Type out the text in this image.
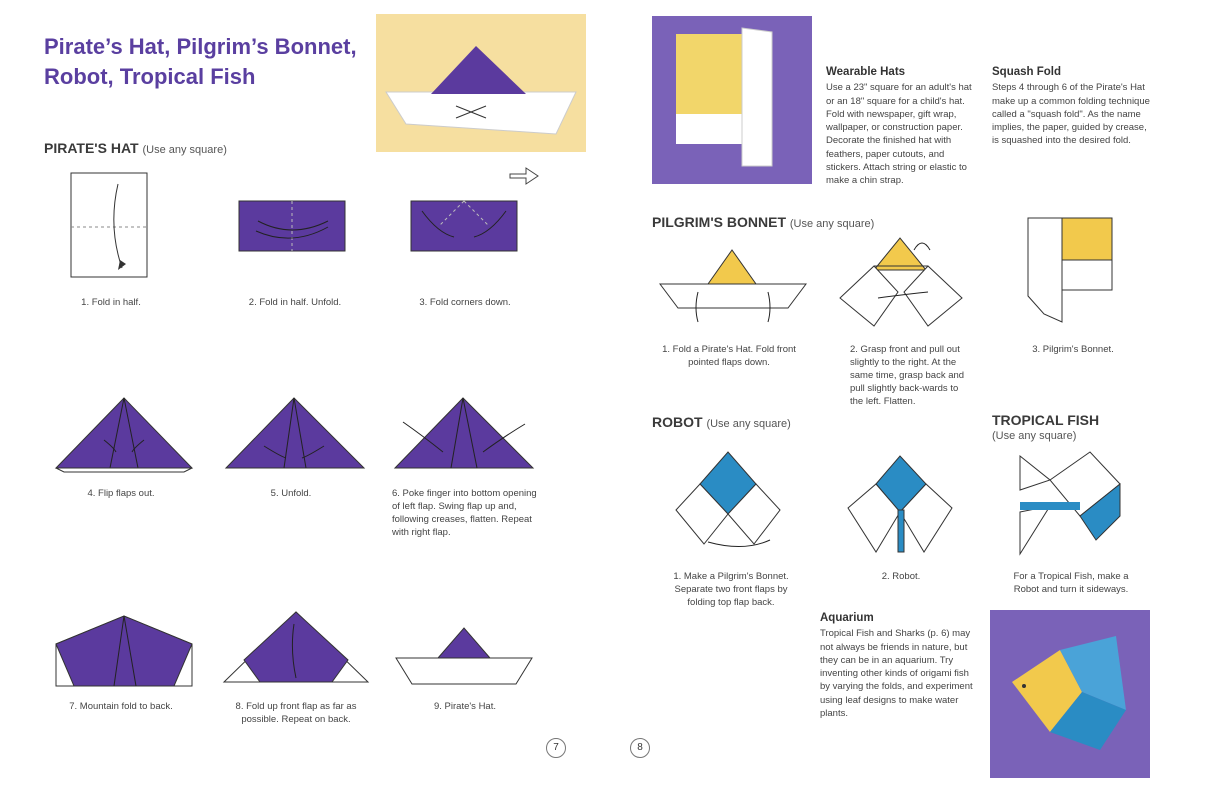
Pirate’s Hat, Pilgrim’s Bonnet,
Robot, Tropical Fish
PIRATE'S HAT (Use any square)
1. Fold in half.	2. Fold in half. Unfold.	3. Fold corners down.
4. Flip flaps out.	5. Unfold.	6. Poke finger into bottom opening of left flap. Swing flap up and, following creases, flatten. Repeat with right flap.
7. Mountain fold to back.	8. Fold up front flap as far as possible. Repeat on back.
9. Pirate's Hat.
7	8
Wearable Hats
Use a 23" square for an adult's hat or an 18" square for a child's hat. Fold with newspaper, gift wrap, wallpaper, or construction paper. Decorate the finished hat with feathers, paper cutouts, and stickers. Attach string or elastic to make a chin strap.
Squash Fold
Steps 4 through 6 of the Pirate's Hat make up a common folding technique called a "squash fold". As the name implies, the paper, guided by crease, is squashed into the desired fold.
PILGRIM'S BONNET (Use any square)
1. Fold a Pirate's Hat. Fold front pointed flaps down.
2. Grasp front and pull out slightly to the right. At the same time, grasp back and pull slightly back-wards to the left. Flatten.
3. Pilgrim's Bonnet.
ROBOT (Use any square)
1. Make a Pilgrim's Bonnet. Separate two front flaps by folding top flap back.
2. Robot.
TROPICAL FISH
(Use any square)
For a Tropical Fish, make a Robot and turn it sideways.
Aquarium
Tropical Fish and Sharks (p. 6) may not always be friends in nature, but they can be in an aquarium. Try inventing other kinds of origami fish by varying the folds, and experiment using leaf designs to make water plants.
